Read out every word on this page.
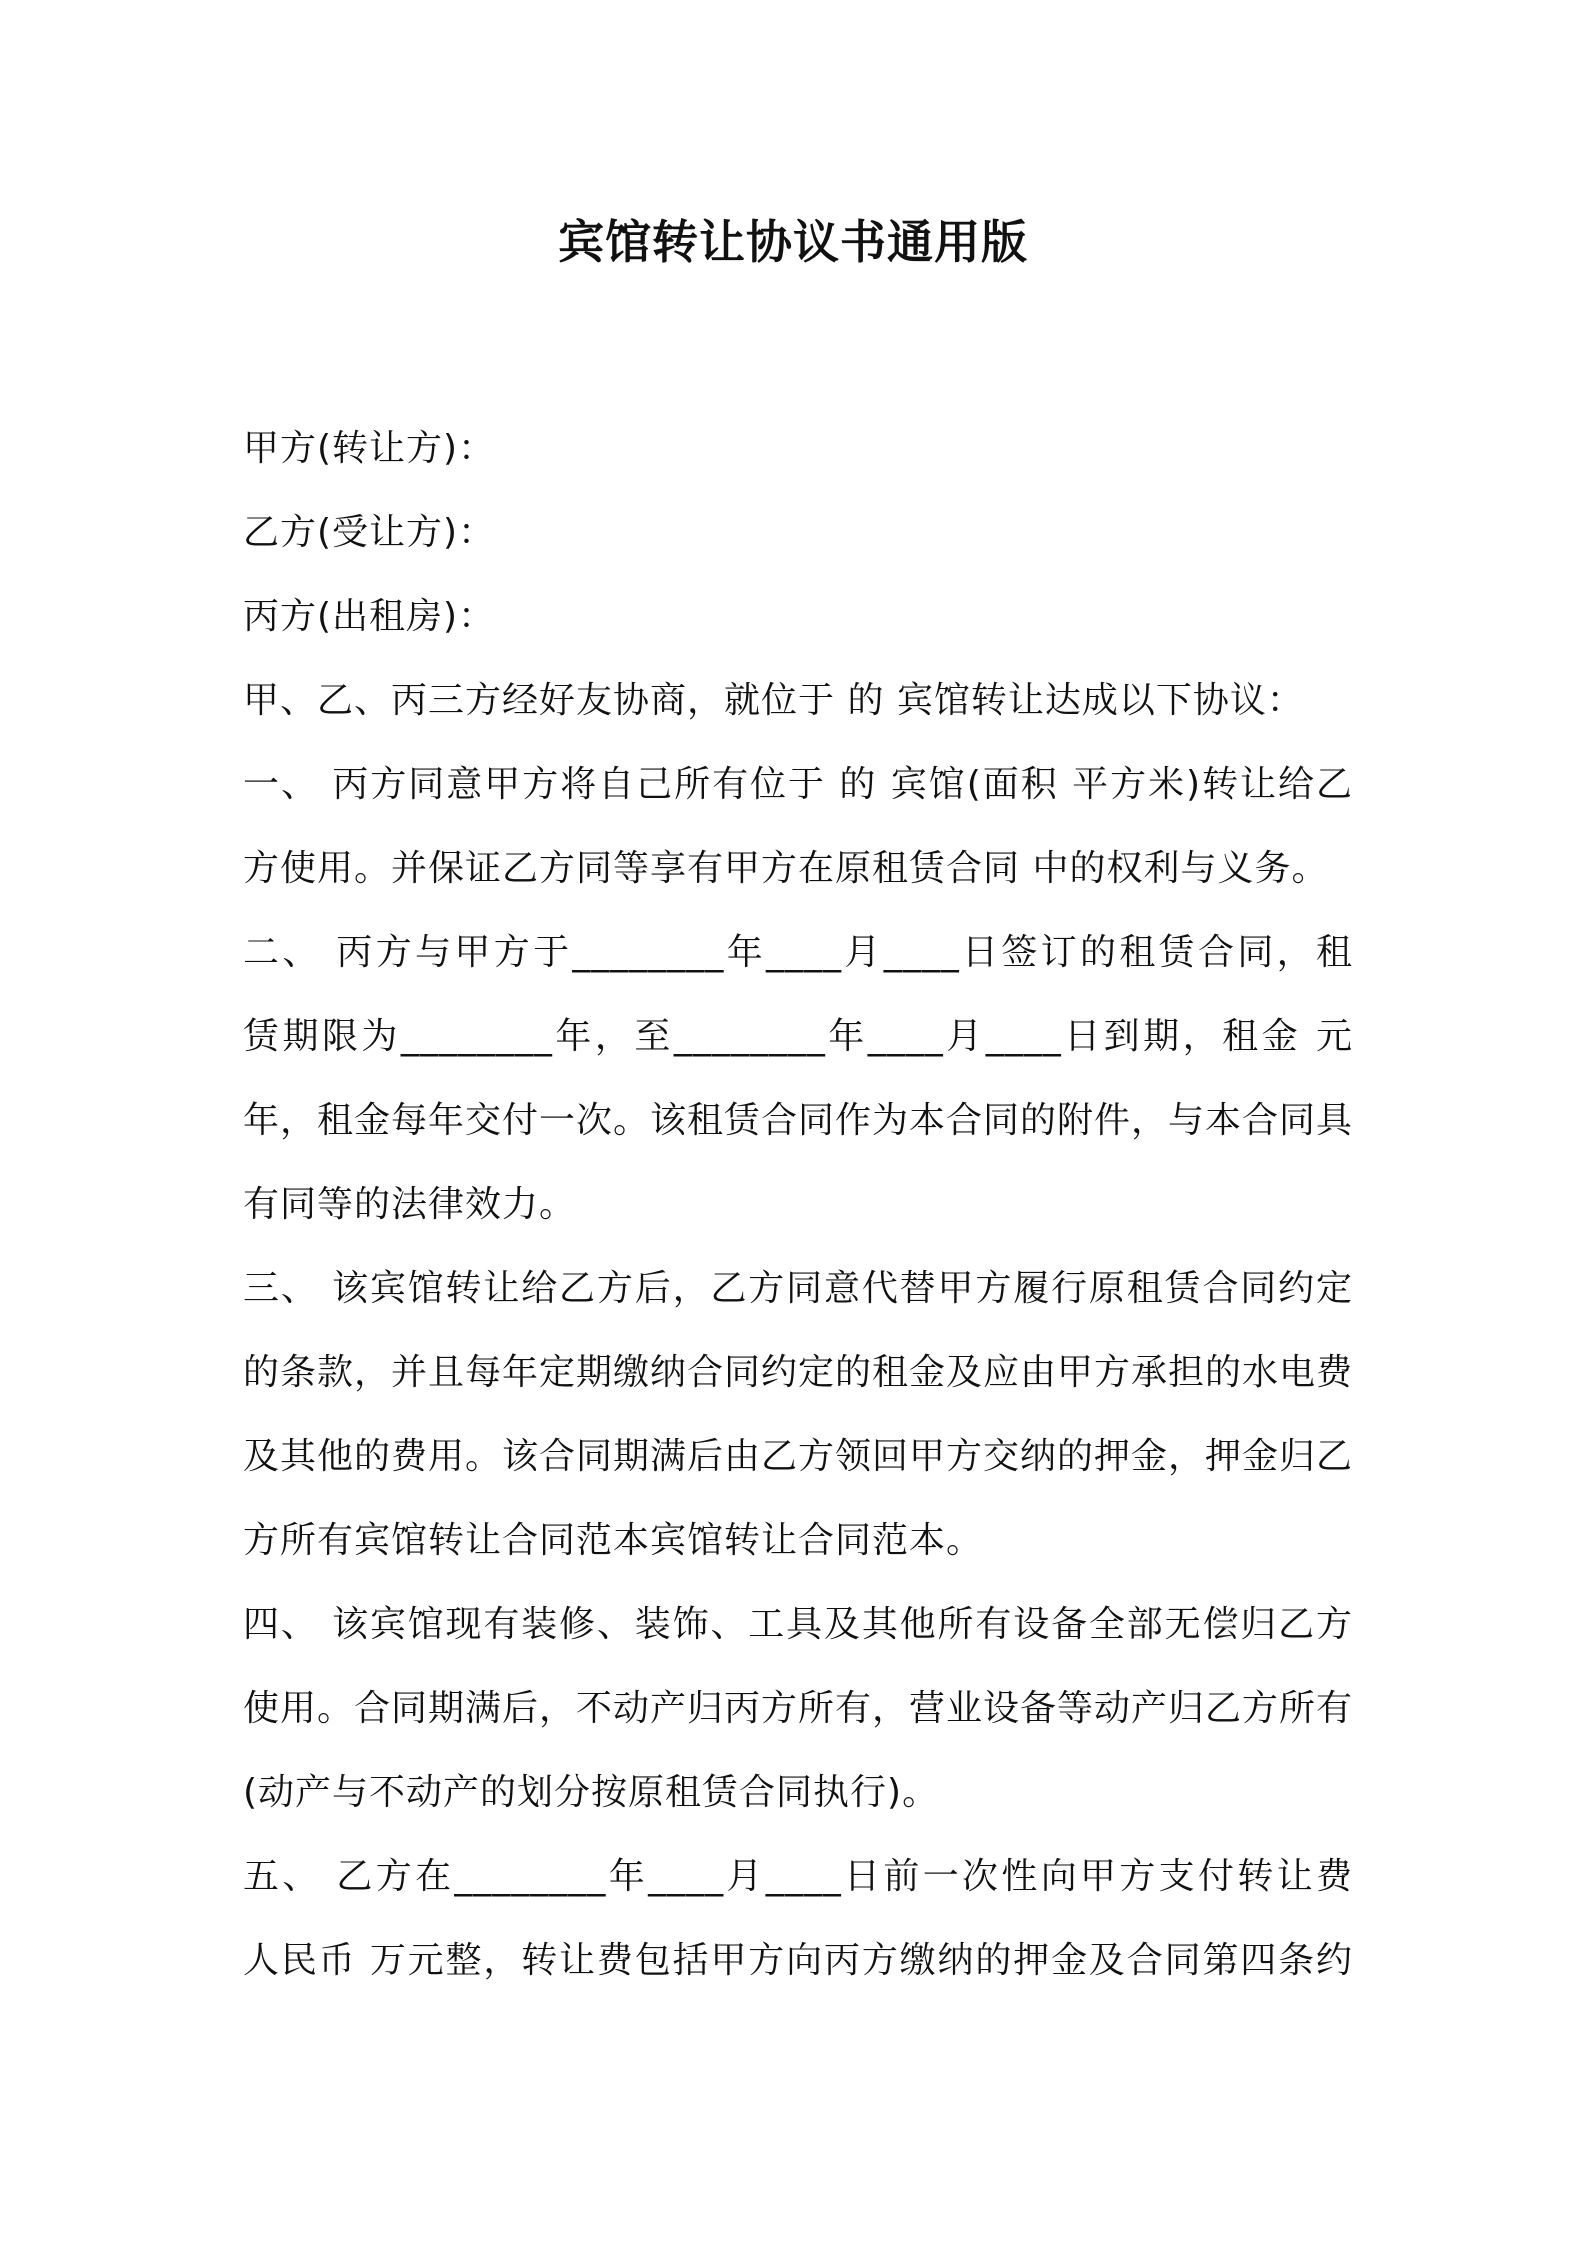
宾馆转让协议书通用版
甲方(转让方)：
乙方(受让方)：
丙方(出租房)：
甲、乙、丙三方经好友协商，就位于 的 宾馆转让达成以下协议：
一、 丙方同意甲方将自己所有位于 的 宾馆(面积 平方米)转让给乙
方使用。并保证乙方同等享有甲方在原租赁合同 中的权利与义务。
二、 丙方与甲方于________年____月____日签订的租赁合同，租
赁期限为________年，至________年____月____日到期，租金 元
年，租金每年交付一次。该租赁合同作为本合同的附件，与本合同具
有同等的法律效力。
三、 该宾馆转让给乙方后，乙方同意代替甲方履行原租赁合同约定
的条款，并且每年定期缴纳合同约定的租金及应由甲方承担的水电费
及其他的费用。该合同期满后由乙方领回甲方交纳的押金，押金归乙
方所有宾馆转让合同范本宾馆转让合同范本。
四、 该宾馆现有装修、装饰、工具及其他所有设备全部无偿归乙方
使用。合同期满后，不动产归丙方所有，营业设备等动产归乙方所有
(动产与不动产的划分按原租赁合同执行)。
五、 乙方在________年____月____日前一次性向甲方支付转让费
人民币 万元整，转让费包括甲方向丙方缴纳的押金及合同第四条约
